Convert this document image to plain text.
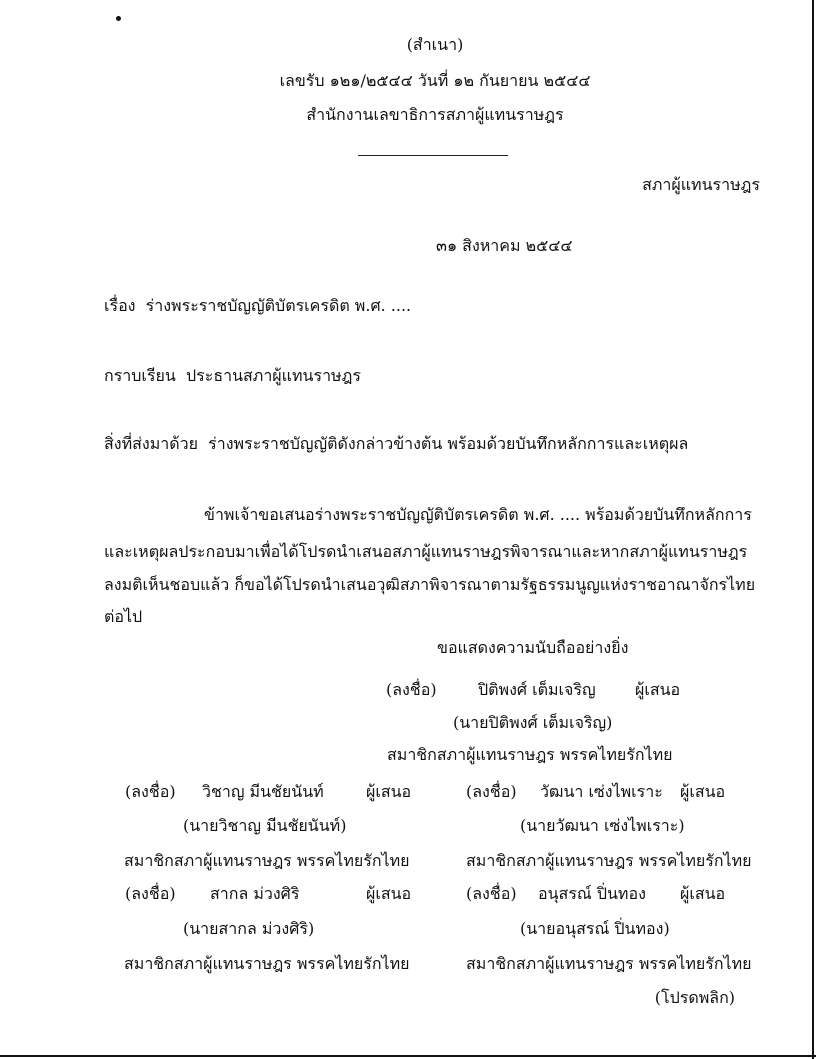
(สำเนา)
เลขรับ ๑๒๑/๒๕๔๔ วันที่ ๑๒ กันยายน ๒๕๔๔
สำนักงานเลขาธิการสภาผู้แทนราษฎร
สภาผู้แทนราษฎร
๓๑ สิงหาคม ๒๕๔๔
เรื่อง ร่างพระราชบัญญัติบัตรเครดิต พ.ศ. ....
กราบเรียน ประธานสภาผู้แทนราษฎร
สิ่งที่ส่งมาด้วย ร่างพระราชบัญญัติดังกล่าวข้างต้น พร้อมด้วยบันทึกหลักการและเหตุผล
ข้าพเจ้าขอเสนอร่างพระราชบัญญัติบัตรเครดิต พ.ศ. .... พร้อมด้วยบันทึกหลักการ
และเหตุผลประกอบมาเพื่อได้โปรดนำเสนอสภาผู้แทนราษฎรพิจารณาและหากสภาผู้แทนราษฎร
ลงมติเห็นชอบแล้ว ก็ขอได้โปรดนำเสนอวุฒิสภาพิจารณาตามรัฐธรรมนูญแห่งราชอาณาจักรไทย
ต่อไป
ขอแสดงความนับถืออย่างยิ่ง
(ลงชื่อ)	ปิติพงศ์ เต็มเจริญ ผู้เสนอ
(นายปิติพงศ์ เต็มเจริญ)
สมาชิกสภาผู้แทนราษฎร พรรคไทยรักไทย
(ลงชื่อ) วิชาญ มีนชัยนันท์	ผู้เสนอ
(นายวิชาญ มีนชัยนันท์)
สมาชิกสภาผู้แทนราษฎร พรรคไทยรักไทย
(ลงชื่อ) วัฒนา เซ่งไพเราะ ผู้เสนอ
(นายวัฒนา เซ่งไพเราะ)
สมาชิกสภาผู้แทนราษฎร พรรคไทยรักไทย
(ลงชื่อ) สากล ม่วงศิริ	ผู้เสนอ
(นายสากล ม่วงศิริ)
สมาชิกสภาผู้แทนราษฎร พรรคไทยรักไทย
(ลงชื่อ) อนุสรณ์ ปิ่นทอง ผู้เสนอ
(นายอนุสรณ์ ปิ่นทอง)
สมาชิกสภาผู้แทนราษฎร พรรคไทยรักไทย
(โปรดพลิก)
